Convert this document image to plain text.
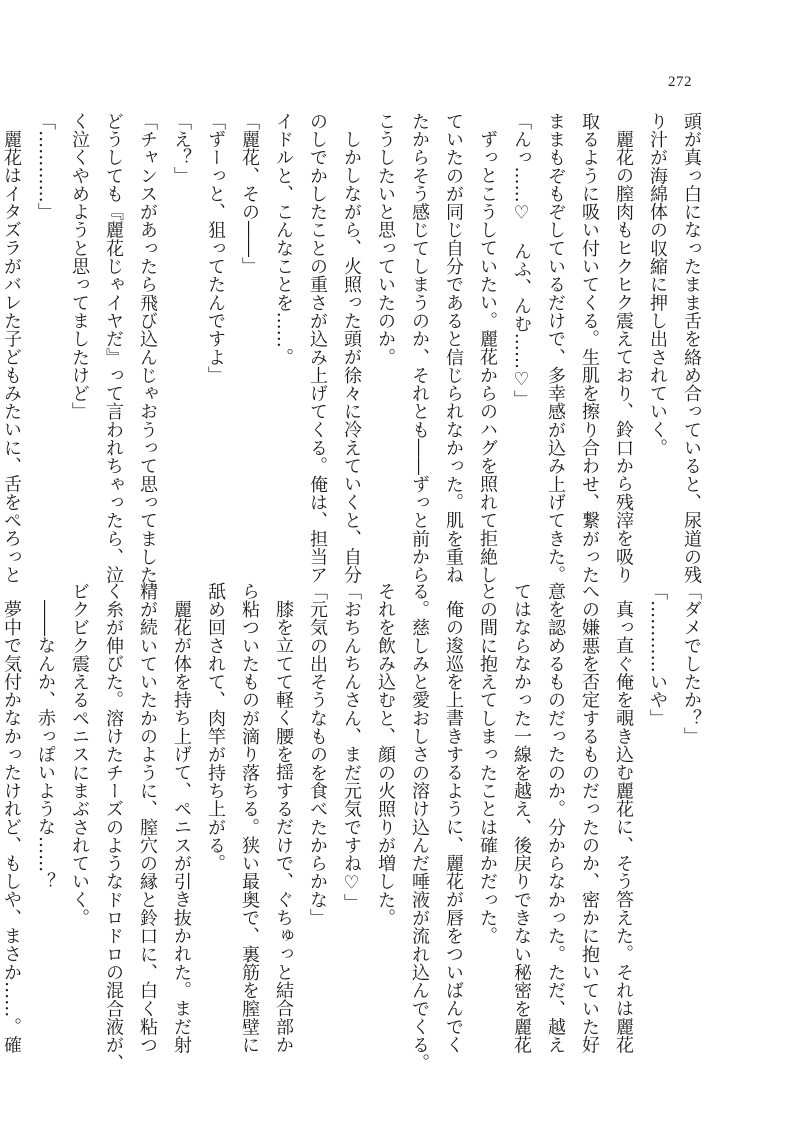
272
頭が真っ白になったまま舌を絡め合っていると、尿道の残
り汁が海綿体の収縮に押し出されていく。
麗花の膣肉もヒクヒク震えており、鈴口から残滓を吸り
取るように吸い付いてくる。生肌を擦り合わせ、繋がった
ままもぞもぞしているだけで、多幸感が込み上げてきた。
「んっ……♡　んふ、んむ……♡」
ずっとこうしていたい。麗花からのハグを照れて拒絶し
ていたのが同じ自分であると信じられなかった。肌を重ね
たからそう感じてしまうのか、それとも――ずっと前から
こうしたいと思っていたのか。
しかしながら、火照った頭が徐々に冷えていくと、自分
のしでかしたことの重さが込み上げてくる。俺は、担当ア
イドルと、こんなことを……。
「麗花、その――」
「ずーっと、狙ってたんですよ」
「え？」
「チャンスがあったら飛び込んじゃおうって思ってました。
どうしても『麗花じゃイヤだ』って言われちゃったら、泣
く泣くやめようと思ってましたけど」
「…………」
麗花はイタズラがバレた子どもみたいに、舌をぺろっと
「ダメでしたか？」
「…………いや」
真っ直ぐ俺を覗き込む麗花に、そう答えた。それは麗花
への嫌悪を否定するものだったのか、密かに抱いていた好
意を認めるものだったのか。分からなかった。ただ、越え
てはならなかった一線を越え、後戻りできない秘密を麗花
との間に抱えてしまったことは確かだった。
俺の逡巡を上書きするように、麗花が唇をついばんでく
る。慈しみと愛おしさの溶け込んだ唾液が流れ込んでくる。
それを飲み込むと、顔の火照りが増した。
「おちんちんさん、まだ元気ですね♡」
「元気の出そうなものを食べたからかな」
膝を立てて軽く腰を揺するだけで、ぐちゅっと結合部か
ら粘ついたものが滴り落ちる。狭い最奥で、裏筋を膣壁に
舐め回されて、肉竿が持ち上がる。
麗花が体を持ち上げて、ペニスが引き抜かれた。まだ射
精が続いていたかのように、膣穴の縁と鈴口に、白く粘つ
く糸が伸びた。溶けたチーズのようなドロドロの混合液が、
ビクビク震えるペニスにまぶされていく。
――なんか、赤っぽいような……？
夢中で気付かなかったけれど、もしや、まさか……。確
